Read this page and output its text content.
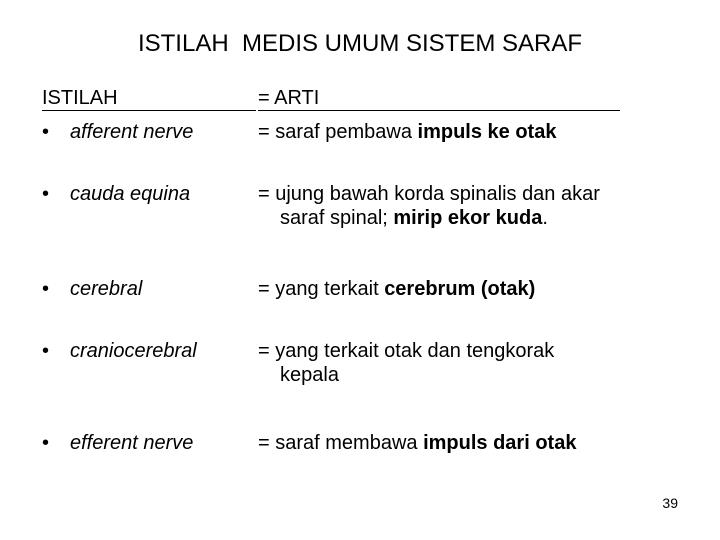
ISTILAH  MEDIS UMUM SISTEM SARAF
ISTILAH	= ARTI
• afferent nerve	= saraf pembawa impuls ke otak
• cauda equina	= ujung bawah korda spinalis dan akar
saraf spinal; mirip ekor kuda.
• cerebral	= yang terkait cerebrum (otak)
• craniocerebral	= yang terkait otak dan tengkorak
kepala
• efferent nerve	= saraf membawa impuls dari otak
39
